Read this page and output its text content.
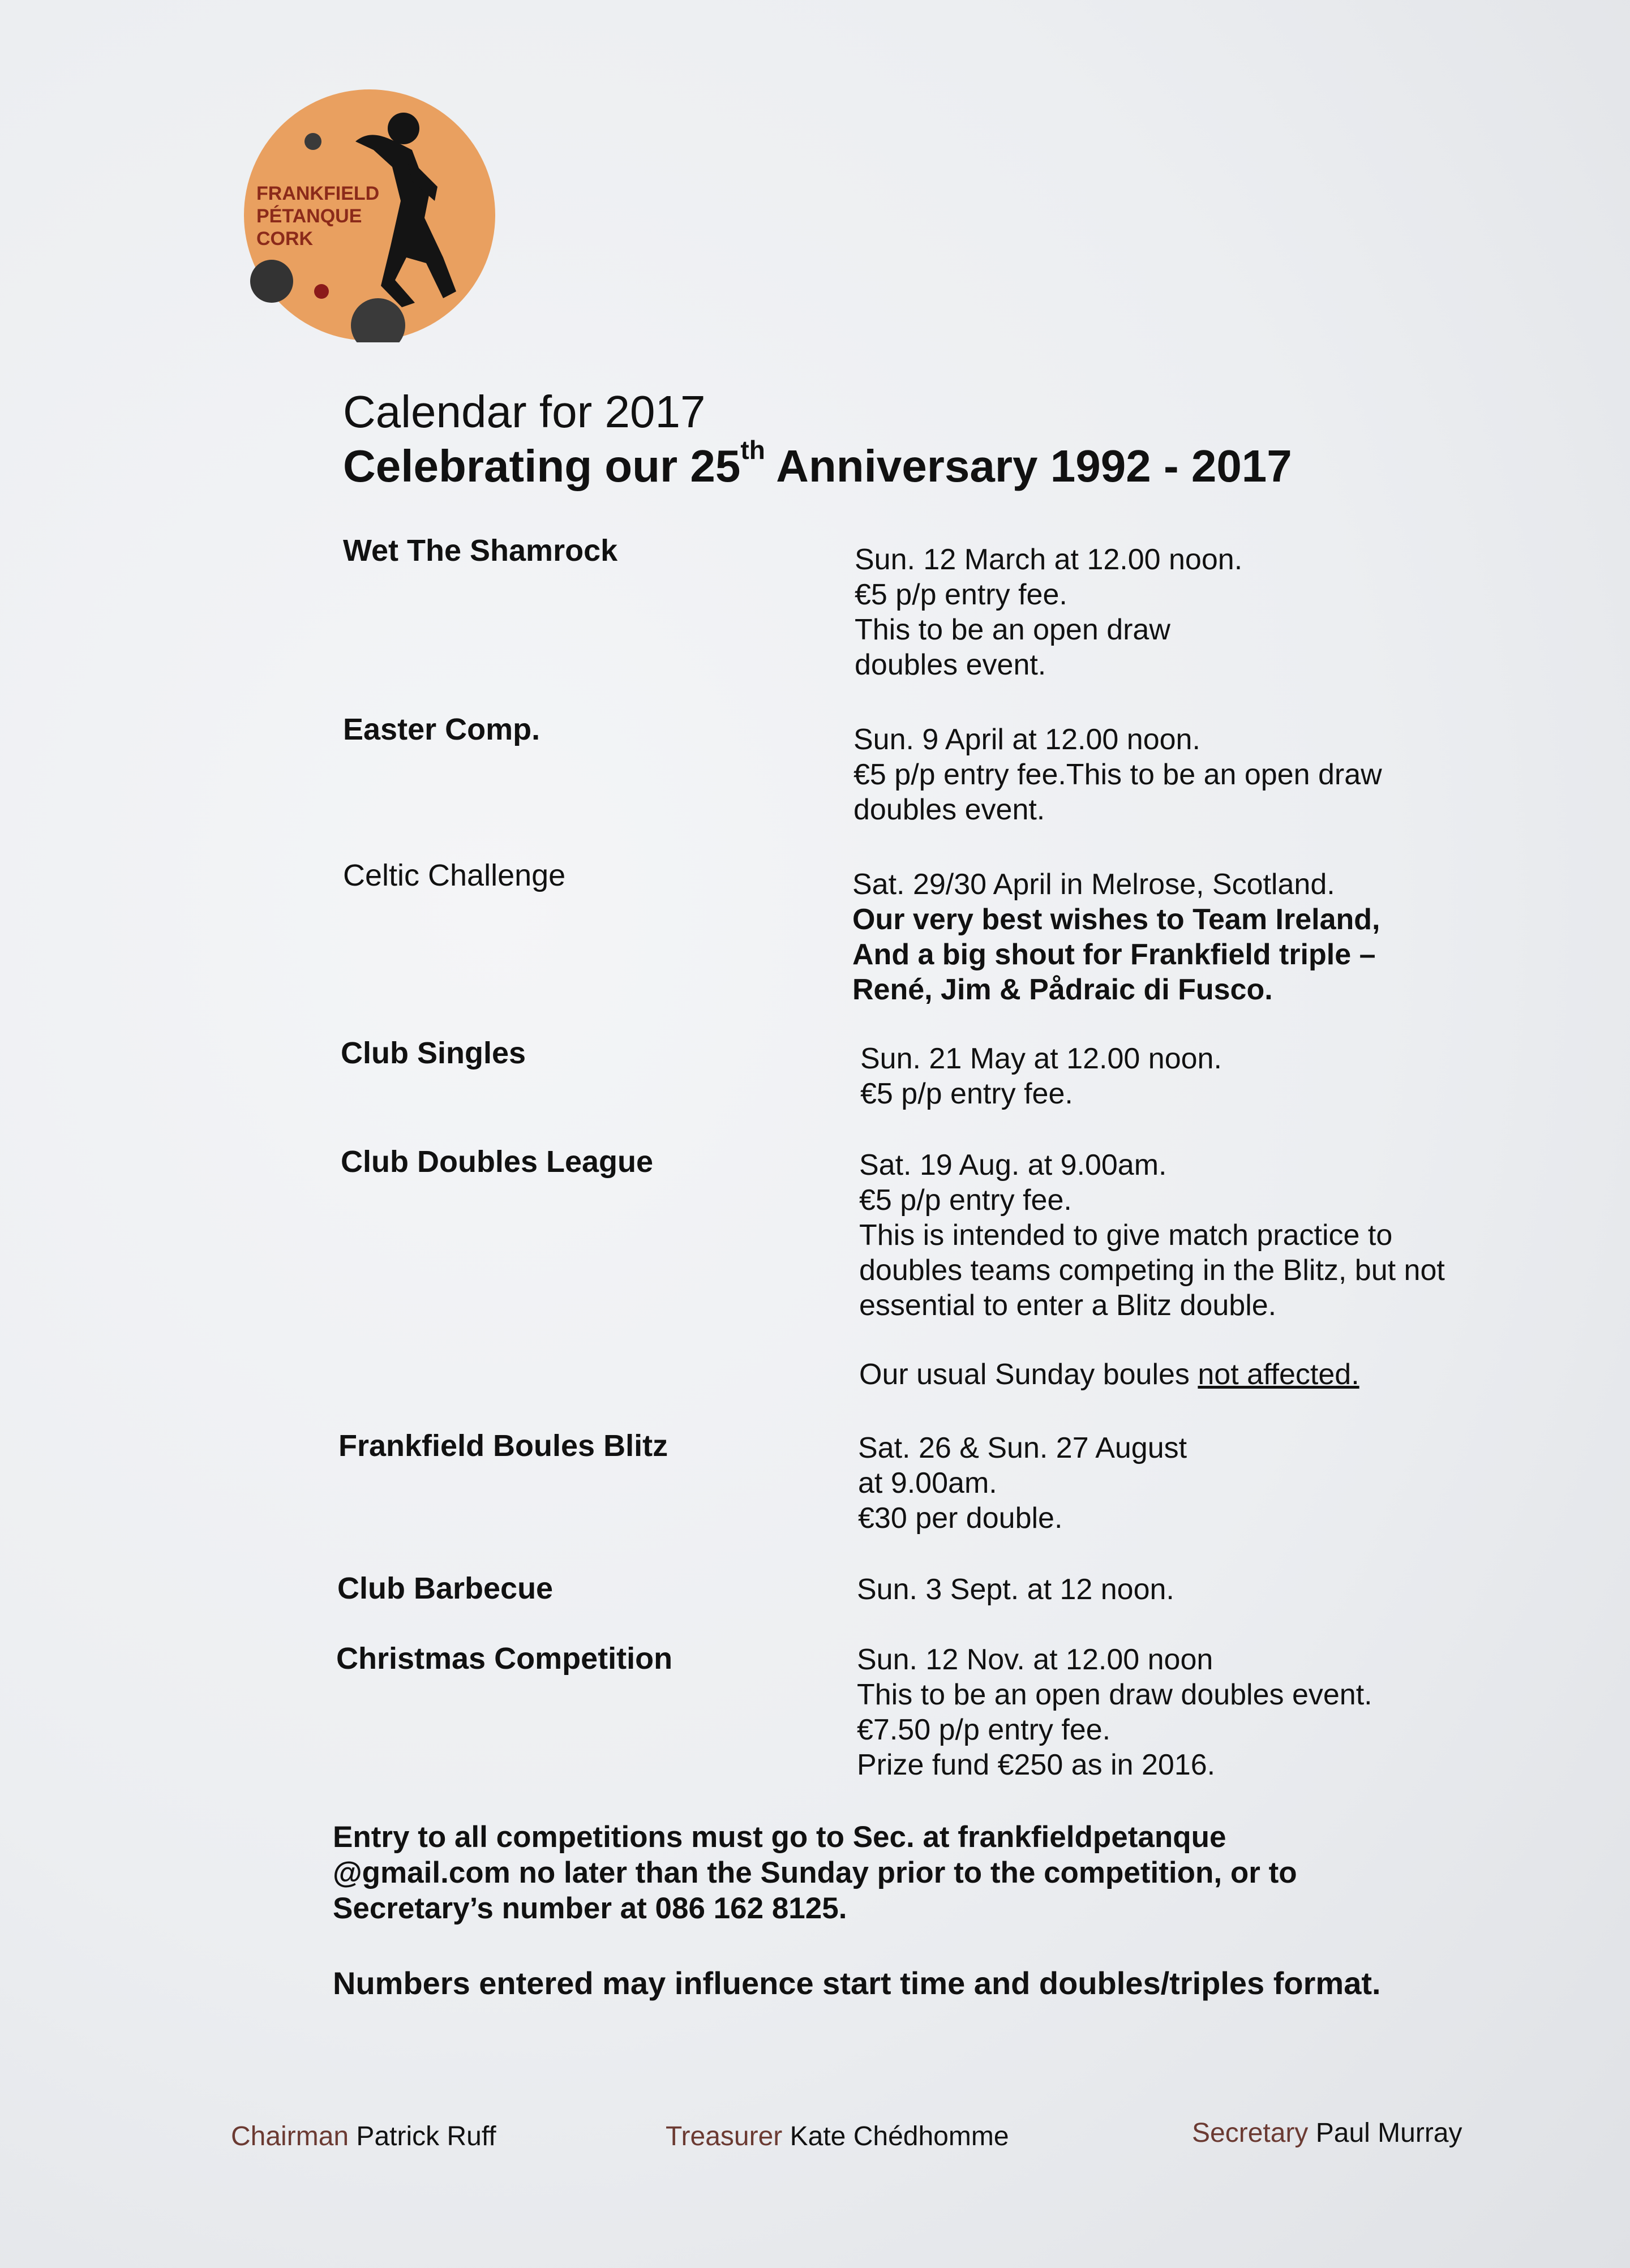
FRANKFIELD
PÉTANQUE
CORK
Calendar for 2017
Celebrating our 25th Anniversary 1992 - 2017
Wet The Shamrock	Sun. 12 March at 12.00 noon.
€5 p/p entry fee.
This to be an open draw
doubles event.
Easter Comp.	Sun. 9 April at 12.00 noon.
€5 p/p entry fee.This to be an open draw
doubles event.
Celtic Challenge	Sat. 29/30 April in Melrose, Scotland.
Our very best wishes to Team Ireland,
And a big shout for Frankfield triple –
René, Jim & Pådraic di Fusco.
Club Singles	Sun. 21 May at 12.00 noon.
€5 p/p entry fee.
Club Doubles League	Sat. 19 Aug. at 9.00am.
€5 p/p entry fee.
This is intended to give match practice to
doubles teams competing in the Blitz, but not
essential to enter a Blitz double.
Our usual Sunday boules not affected.
Frankfield Boules Blitz	Sat. 26 & Sun. 27 August
at 9.00am.
€30 per double.
Club Barbecue	Sun. 3 Sept. at 12 noon.
Christmas Competition	Sun. 12 Nov. at 12.00 noon
This to be an open draw doubles event.
€7.50 p/p entry fee.
Prize fund €250 as in 2016.
Entry to all competitions must go to Sec. at frankfieldpetanque
@gmail.com no later than the Sunday prior to the competition, or to
Secretary’s number at 086 162 8125.
Numbers entered may influence start time and doubles/triples format.
Chairman Patrick Ruff	Treasurer Kate Chédhomme	Secretary Paul Murray
